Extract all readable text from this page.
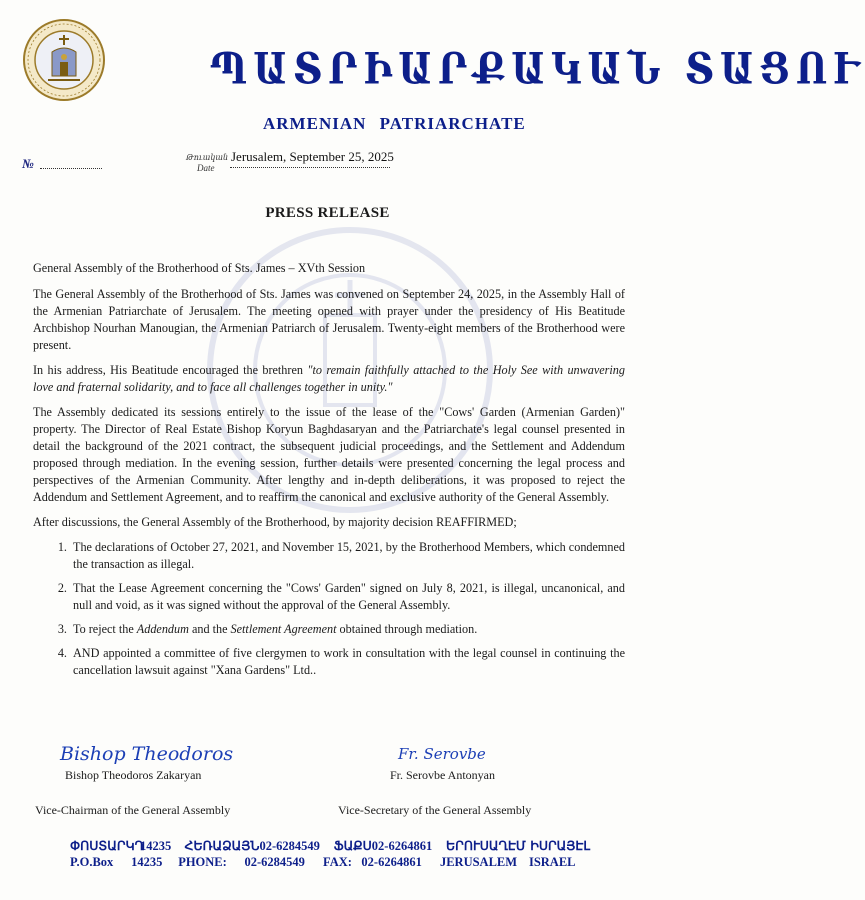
ՊԱՏՐԻԱՐՔԱԿԱՆ ՏԱՑՈՒ
ARMENIAN PATRIARCHATE
№	Թուական
Date
Jerusalem, September 25, 2025
PRESS RELEASE

General Assembly of the Brotherhood of Sts. James – XVth Session

The General Assembly of the Brotherhood of Sts. James was convened on September 24, 2025, in the Assembly Hall of the Armenian Patriarchate of Jerusalem. The meeting opened with prayer under the presidency of His Beatitude Archbishop Nourhan Manougian, the Armenian Patriarch of Jerusalem. Twenty-eight members of the Brotherhood were present.

In his address, His Beatitude encouraged the brethren "to remain faithfully attached to the Holy See with unwavering love and fraternal solidarity, and to face all challenges together in unity."

The Assembly dedicated its sessions entirely to the issue of the lease of the "Cows' Garden (Armenian Garden)" property. The Director of Real Estate Bishop Koryun Baghdasaryan and the Patriarchate's legal counsel presented in detail the background of the 2021 contract, the subsequent judicial proceedings, and the Settlement and Addendum proposed through mediation. In the evening session, further details were presented concerning the legal process and perspectives of the Armenian Community. After lengthy and in-depth deliberations, it was proposed to reject the Addendum and Settlement Agreement, and to reaffirm the canonical and exclusive authority of the General Assembly.

After discussions, the General Assembly of the Brotherhood, by majority decision REAFFIRMED;

1. The declarations of October 27, 2021, and November 15, 2021, by the Brotherhood Members, which condemned the transaction as illegal.
2. That the Lease Agreement concerning the "Cows' Garden" signed on July 8, 2021, is illegal, uncanonical, and null and void, as it was signed without the approval of the General Assembly.
3. To reject the Addendum and the Settlement Agreement obtained through mediation.
4. AND appointed a committee of five clergymen to work in consultation with the legal counsel in continuing the cancellation lawsuit against "Xana Gardens" Ltd..
Bishop Theodoros
Bishop Theodoros Zakaryan
Vice-Chairman of the General Assembly
Fr. Serovbe
Fr. Serovbe Antonyan
Vice-Secretary of the General Assembly
ՓՈՍՏԱՐԿՂ
14235	ՀԵՌԱՁԱՅՆ 02-6284549	ՖԱՔՍ 02-6264861	ԵՐՈՒՍԱՂԷՄ ԻՍՐԱՅԷԼ
P.O.Box	14235	PHONE:	02-6284549	FAX: 02-6264861	JERUSALEM ISRAEL
